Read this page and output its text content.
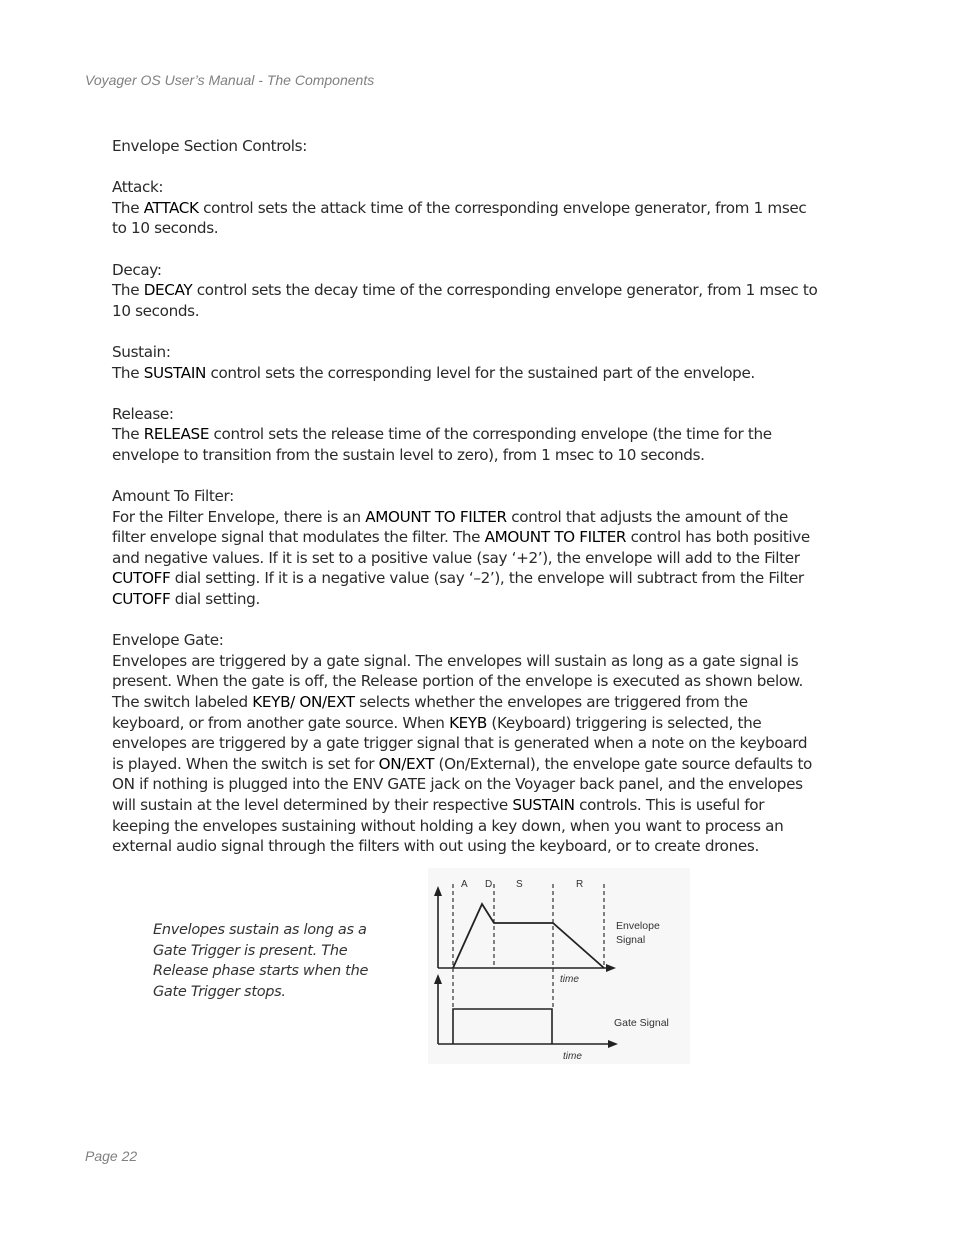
Voyager OS User’s Manual - The Components

Envelope Section Controls:

Attack:
The ATTACK control sets the attack time of the corresponding envelope generator, from 1 msec to 10 seconds.

Decay:
The DECAY control sets the decay time of the corresponding envelope generator, from 1 msec to 10 seconds.

Sustain:
The SUSTAIN control sets the corresponding level for the sustained part of the envelope.

Release:
The RELEASE control sets the release time of the corresponding envelope (the time for the envelope to transition from the sustain level to zero), from 1 msec to 10 seconds.

Amount To Filter:
For the Filter Envelope, there is an AMOUNT TO FILTER control that adjusts the amount of the filter envelope signal that modulates the filter. The AMOUNT TO FILTER control has both positive and negative values. If it is set to a positive value (say ‘+2’), the envelope will add to the Filter CUTOFF dial setting. If it is a negative value (say ‘–2’), the envelope will subtract from the Filter CUTOFF dial setting.

Envelope Gate:
Envelopes are triggered by a gate signal. The envelopes will sustain as long as a gate signal is present. When the gate is off, the Release portion of the envelope is executed as shown below. The switch labeled KEYB/ ON/EXT selects whether the envelopes are triggered from the keyboard, or from another gate source. When KEYB (Keyboard) triggering is selected, the envelopes are triggered by a gate trigger signal that is generated when a note on the keyboard is played. When the switch is set for ON/EXT (On/External), the envelope gate source defaults to ON if nothing is plugged into the ENV GATE jack on the Voyager back panel, and the envelopes will sustain at the level determined by their respective SUSTAIN controls. This is useful for keeping the envelopes sustaining without holding a key down, when you want to process an external audio signal through the filters with out using the keyboard, or to create drones.

Envelopes sustain as long as a Gate Trigger is present. The Release phase starts when the Gate Trigger stops.
A D S	R
Envelope
Signal
time
Gate Signal
time
Page 22
